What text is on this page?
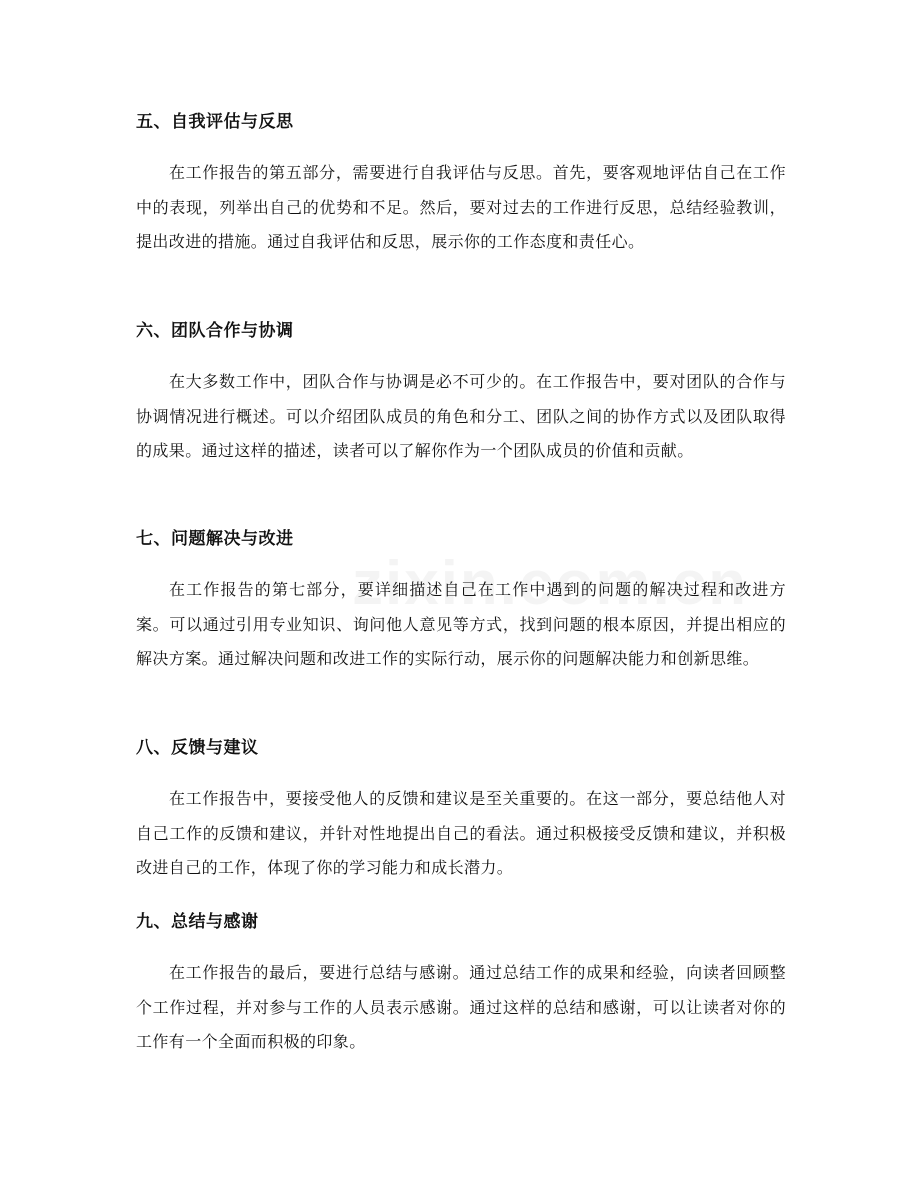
五、自我评估与反思

在工作报告的第五部分，需要进行自我评估与反思。首先，要客观地评估自己在工作中的表现，列举出自己的优势和不足。然后，要对过去的工作进行反思，总结经验教训，提出改进的措施。通过自我评估和反思，展示你的工作态度和责任心。

六、团队合作与协调

在大多数工作中，团队合作与协调是必不可少的。在工作报告中，要对团队的合作与协调情况进行概述。可以介绍团队成员的角色和分工、团队之间的协作方式以及团队取得的成果。通过这样的描述，读者可以了解你作为一个团队成员的价值和贡献。

七、问题解决与改进

在工作报告的第七部分，要详细描述自己在工作中遇到的问题的解决过程和改进方案。可以通过引用专业知识、询问他人意见等方式，找到问题的根本原因，并提出相应的解决方案。通过解决问题和改进工作的实际行动，展示你的问题解决能力和创新思维。

八、反馈与建议

在工作报告中，要接受他人的反馈和建议是至关重要的。在这一部分，要总结他人对自己工作的反馈和建议，并针对性地提出自己的看法。通过积极接受反馈和建议，并积极改进自己的工作，体现了你的学习能力和成长潜力。

九、总结与感谢

在工作报告的最后，要进行总结与感谢。通过总结工作的成果和经验，向读者回顾整个工作过程，并对参与工作的人员表示感谢。通过这样的总结和感谢，可以让读者对你的工作有一个全面而积极的印象。
